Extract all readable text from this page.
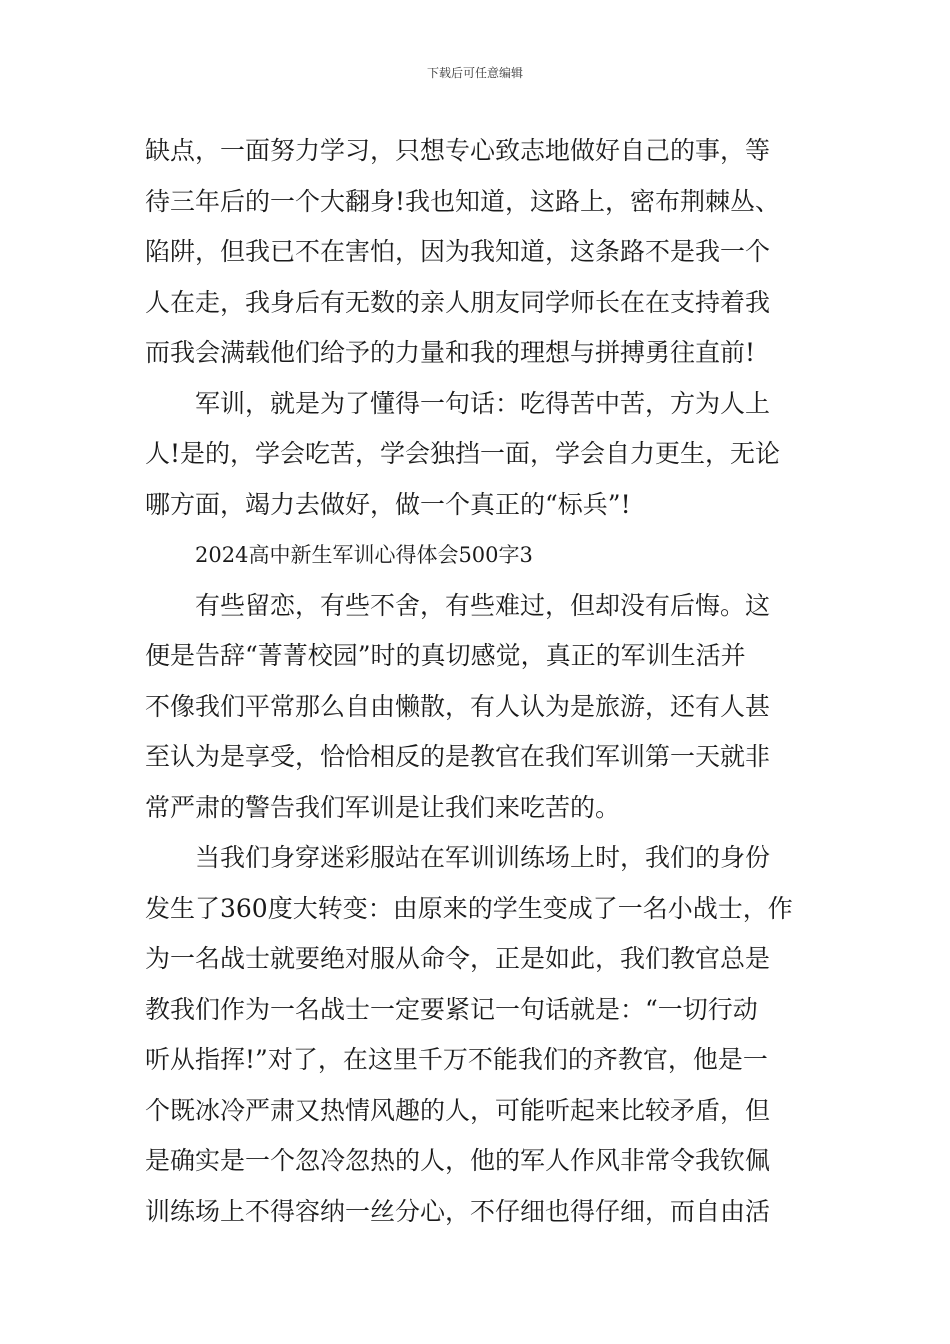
下载后可任意编辑
缺点，一面努力学习，只想专心致志地做好自己的事，等
待三年后的一个大翻身!我也知道，这路上，密布荆棘丛、
陷阱，但我已不在害怕，因为我知道，这条路不是我一个
人在走，我身后有无数的亲人朋友同学师长在在支持着我
而我会满载他们给予的力量和我的理想与拼搏勇往直前!
军训，就是为了懂得一句话：吃得苦中苦，方为人上
人!是的，学会吃苦，学会独挡一面，学会自力更生，无论
哪方面，竭力去做好，做一个真正的“标兵”!
2024高中新生军训心得体会500字3
有些留恋，有些不舍，有些难过，但却没有后悔。这
便是告辞“菁菁校园”时的真切感觉，真正的军训生活并
不像我们平常那么自由懒散，有人认为是旅游，还有人甚
至认为是享受，恰恰相反的是教官在我们军训第一天就非
常严肃的警告我们军训是让我们来吃苦的。
当我们身穿迷彩服站在军训训练场上时，我们的身份
发生了360度大转变：由原来的学生变成了一名小战士，作
为一名战士就要绝对服从命令，正是如此，我们教官总是
教我们作为一名战士一定要紧记一句话就是：“一切行动
听从指挥!”对了，在这里千万不能我们的齐教官，他是一
个既冰冷严肃又热情风趣的人，可能听起来比较矛盾，但
是确实是一个忽冷忽热的人，他的军人作风非常令我钦佩
训练场上不得容纳一丝分心，不仔细也得仔细，而自由活
